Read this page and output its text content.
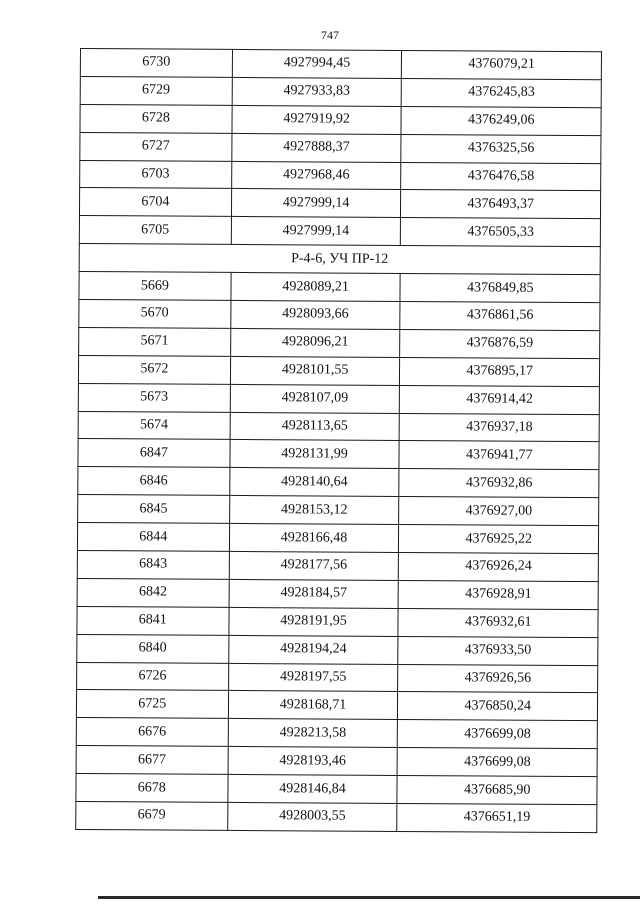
747
6730	4927994,45	4376079,21
6729	4927933,83	4376245,83
6728	4927919,92	4376249,06
6727	4927888,37	4376325,56
6703	4927968,46	4376476,58
6704	4927999,14	4376493,37
6705	4927999,14	4376505,33
Р-4-6, УЧ ПР-12		
5669	4928089,21	4376849,85
5670	4928093,66	4376861,56
5671	4928096,21	4376876,59
5672	4928101,55	4376895,17
5673	4928107,09	4376914,42
5674	4928113,65	4376937,18
6847	4928131,99	4376941,77
6846	4928140,64	4376932,86
6845	4928153,12	4376927,00
6844	4928166,48	4376925,22
6843	4928177,56	4376926,24
6842	4928184,57	4376928,91
6841	4928191,95	4376932,61
6840	4928194,24	4376933,50
6726	4928197,55	4376926,56
6725	4928168,71	4376850,24
6676	4928213,58	4376699,08
6677	4928193,46	4376699,08
6678	4928146,84	4376685,90
6679	4928003,55	4376651,19
